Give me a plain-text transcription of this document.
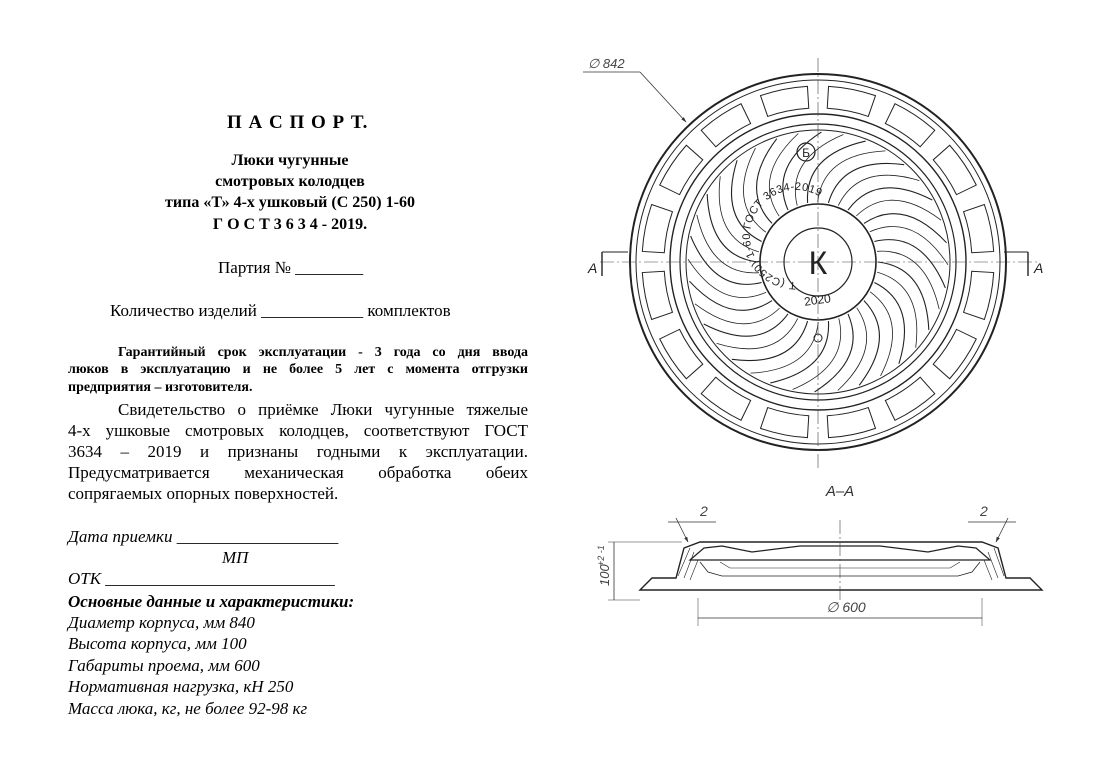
П А С П О Р Т.
Люки чугунные
смотровых колодцев
типа «Т» 4-х ушковый (С 250) 1-60
Г О С Т 3 6 3 4 - 2019.
Партия № ________
Количество изделий ____________ комплектов
Гарантийный срок эксплуатации - 3 года со дня ввода
люков в эксплуатацию и не более 5 лет с момента отгрузки
предприятия – изготовителя.
Свидетельство о приёмке Люки чугунные тяжелые
4-х ушковые смотровых колодцев, соответствуют ГОСТ
3634 – 2019 и признаны годными к эксплуатации.
Предусматривается механическая обработка обеих
сопрягаемых опорных поверхностей.
Дата приемки ___________________
МП
ОТК ___________________________
Основные данные и характеристики:
Диаметр корпуса, мм 840
Высота корпуса, мм 100
Габариты проема, мм 600
Нормативная нагрузка, кН 250
Масса люка, кг, не более 92-98 кг
К
Б
Т (С250) 1-60 ГОСТ 3634-2019
2020
∅ 842
A	A
А–А
2	2
100
+2 -1
∅ 600
